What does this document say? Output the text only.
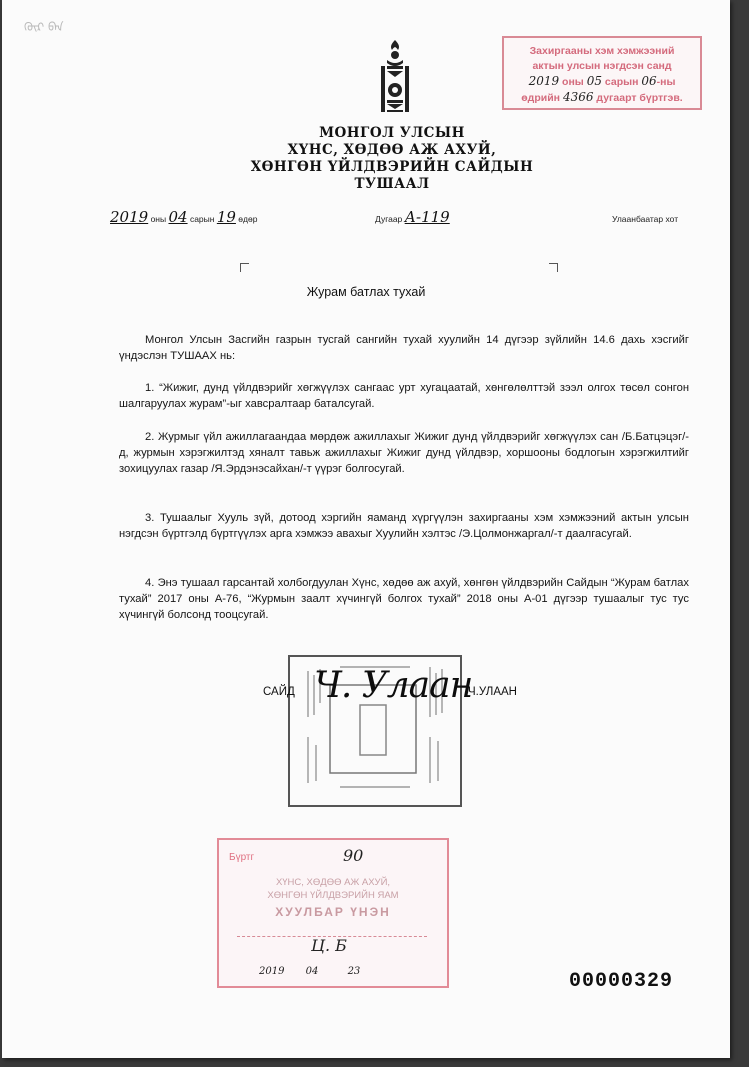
ᠭᠦᠷ ᠪᠠᠨ
Захиргааны хэм хэмжээний
актын улсын нэгдсэн санд
2019 оны 05 сарын 06-ны
өдрийн 4366 дугаарт бүртгэв.
МОНГОЛ УЛСЫН
ХҮНС, ХӨДӨӨ АЖ АХУЙ,
ХӨНГӨН ҮЙЛДВЭРИЙН САЙДЫН
ТУШААЛ
2019 оны 04 сарын 19 өдөр	Дугаар А-119	Улаанбаатар хот
Журам батлах тухай

Монгол Улсын Засгийн газрын тусгай сангийн тухай хуулийн 14 дүгээр зүйлийн 14.6 дахь хэсгийг үндэслэн ТУШААХ нь:

1. “Жижиг, дунд үйлдвэрийг хөгжүүлэх сангаас урт хугацаатай, хөнгөлөлттэй зээл олгох төсөл сонгон шалгаруулах журам”-ыг хавсралтаар баталсугай.

2. Журмыг үйл ажиллагаандаа мөрдөж ажиллахыг Жижиг дунд үйлдвэрийг хөгжүүлэх сан /Б.Батцэцэг/-д, журмын хэрэгжилтэд хяналт тавьж ажиллахыг Жижиг дунд үйлдвэр, хоршооны бодлогын хэрэгжилтийг зохицуулах газар /Я.Эрдэнэсайхан/-т үүрэг болгосугай.

3. Тушаалыг Хууль зүй, дотоод хэргийн яаманд хүргүүлэн захиргааны хэм хэмжээний актын улсын нэгдсэн бүртгэлд бүртгүүлэх арга хэмжээ авахыг Хуулийн хэлтэс /Э.Цолмонжаргал/-т даалгасугай.

4. Энэ тушаал гарсантай холбогдуулан Хүнс, хөдөө аж ахуй, хөнгөн үйлдвэрийн Сайдын “Журам батлах тухай” 2017 оны А-76, “Журмын заалт хүчингүй болгох тухай” 2018 оны А-01 дүгээр тушаалыг тус тус хүчингүй болсонд тооцсугай.

САЙД Ч. Улаан
Ч.УЛААН
Бүртг	90
ХҮНС, ХӨДӨӨ АЖ АХУЙ,
ХӨНГӨН ҮЙЛДВЭРИЙН ЯАМ
ХУУЛБАР ҮНЭН
Ц. Б
2019 04	23	00000329
